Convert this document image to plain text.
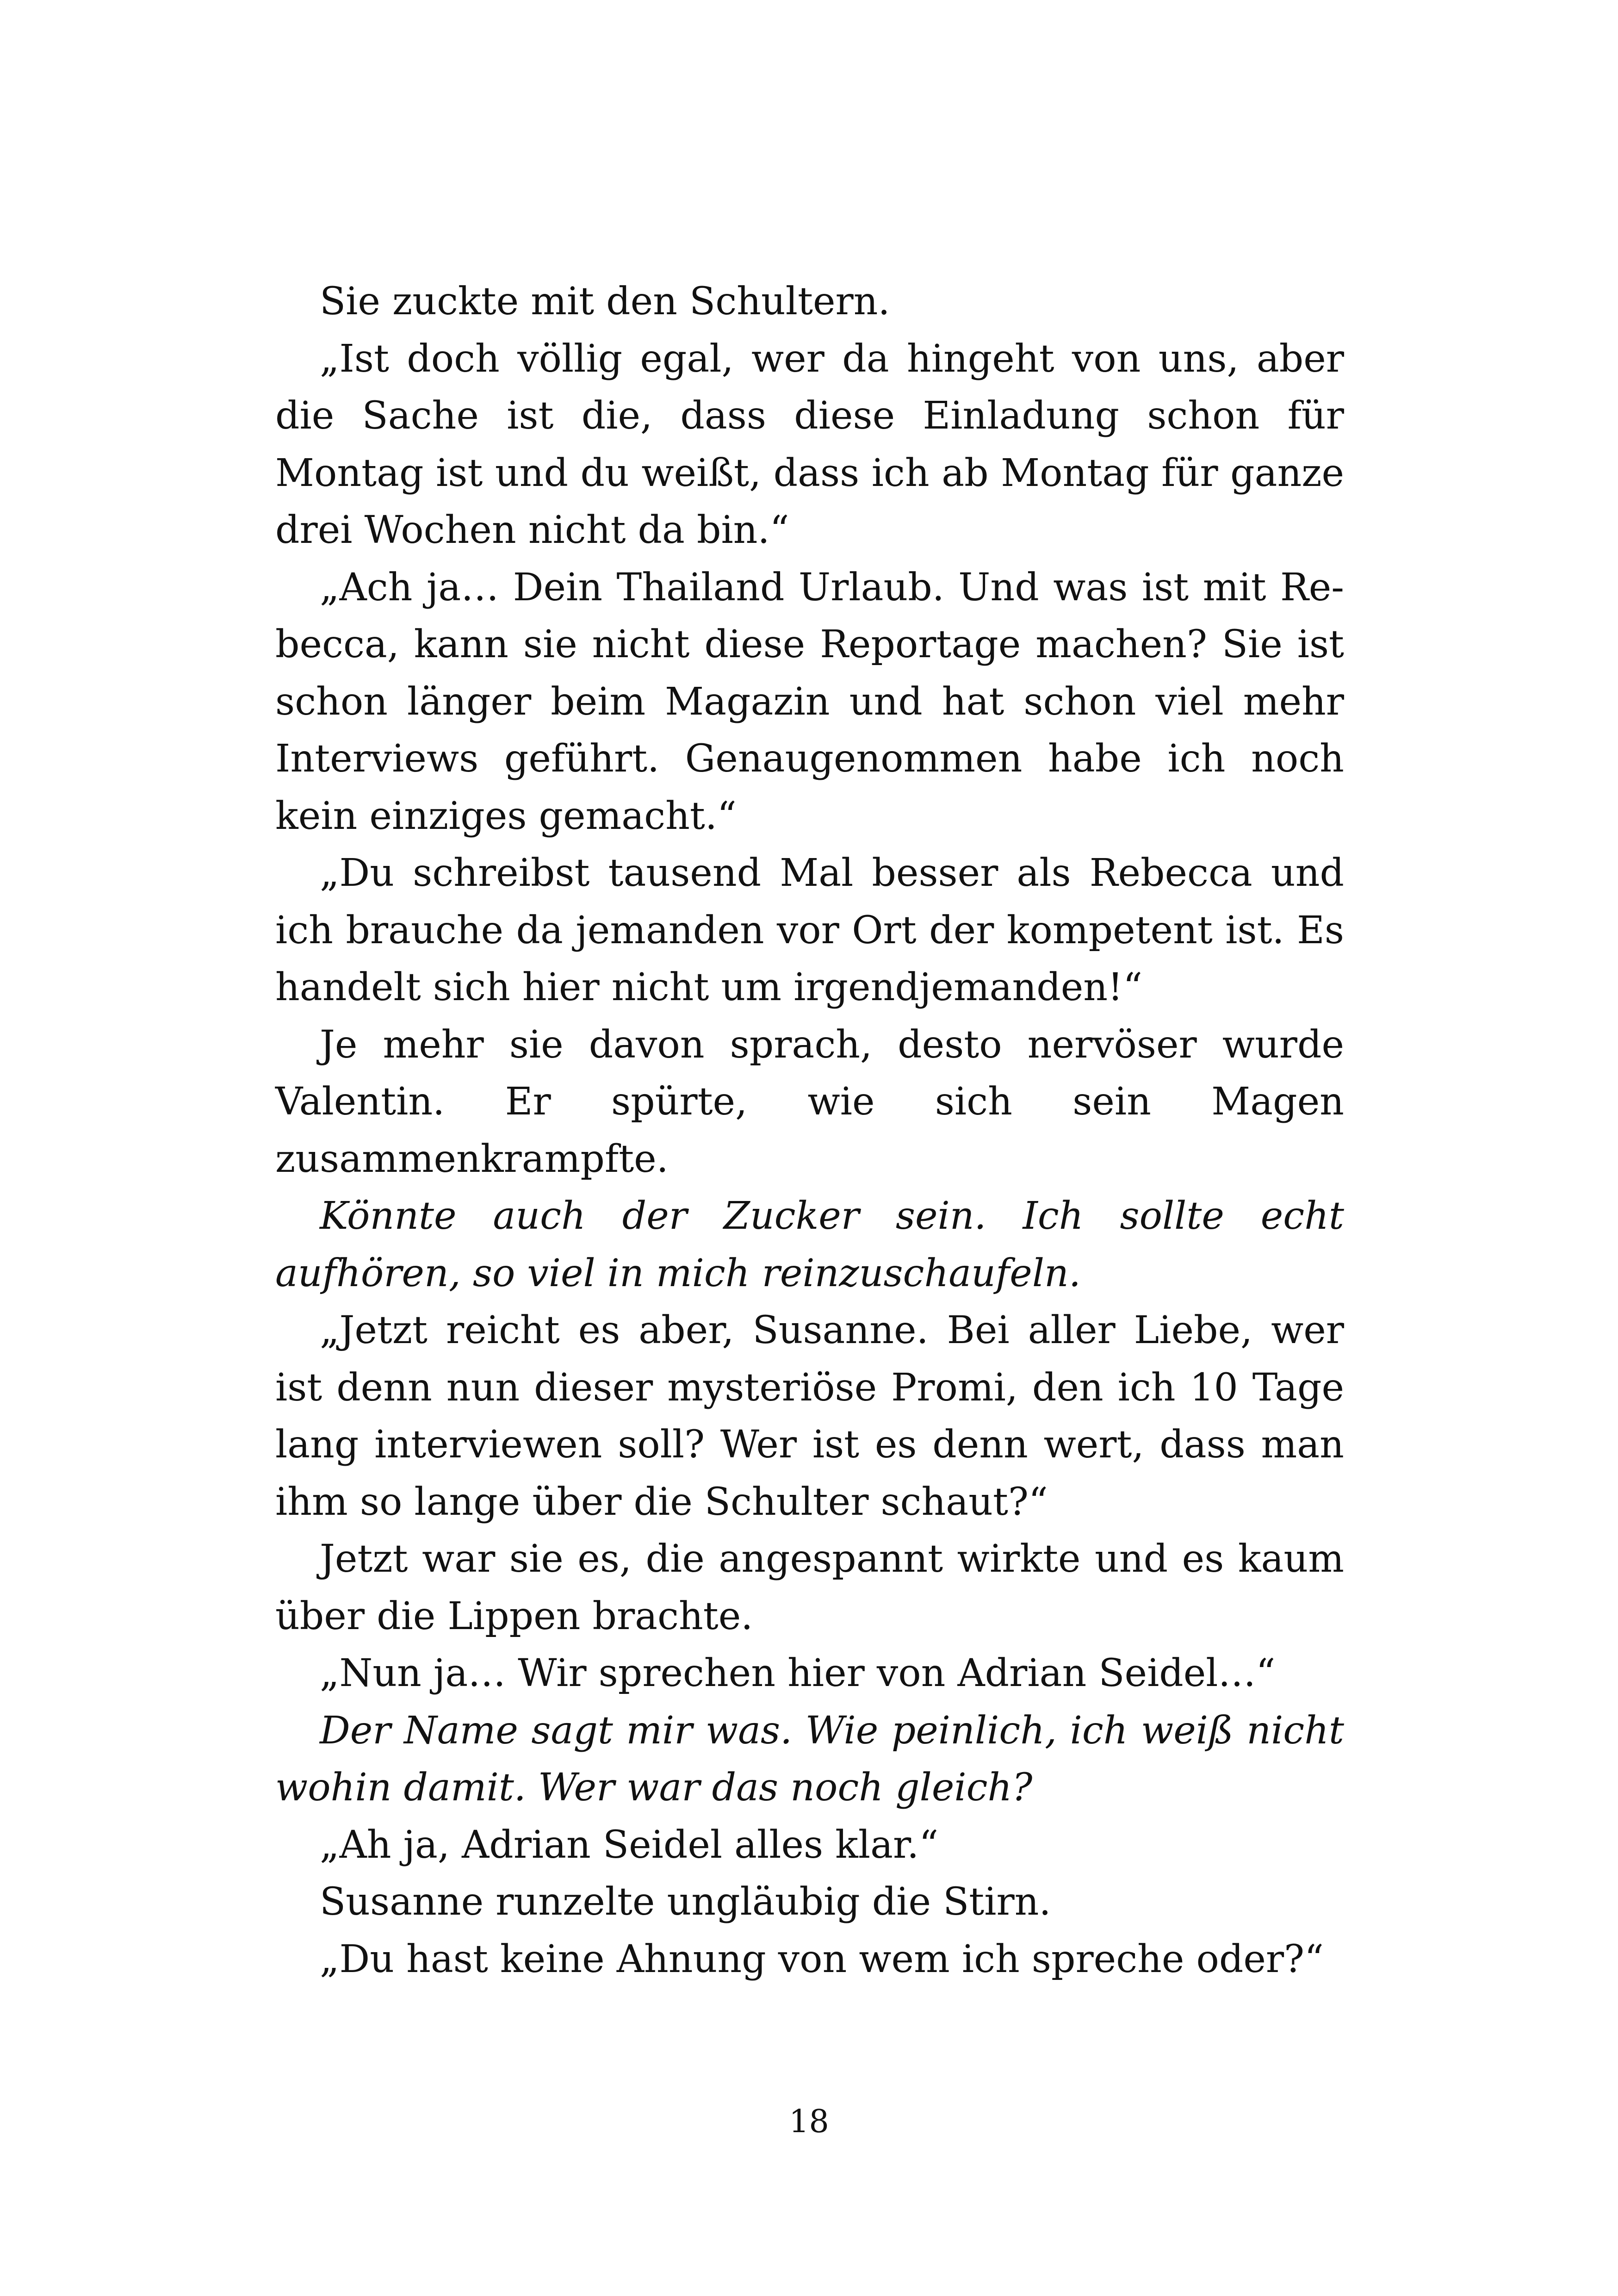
Sie zuckte mit den Schultern.

„Ist doch völlig egal, wer da hingeht von uns, aber die Sache ist die, dass diese Einladung schon für Montag ist und du weißt, dass ich ab Montag für ganze drei Wochen nicht da bin.“

„Ach ja… Dein Thailand Urlaub. Und was ist mit Rebecca, kann sie nicht diese Reportage machen? Sie ist schon länger beim Magazin und hat schon viel mehr Interviews geführt. Genaugenommen habe ich noch kein einziges gemacht.“

„Du schreibst tausend Mal besser als Rebecca und ich brauche da jemanden vor Ort der kompetent ist. Es handelt sich hier nicht um irgendjemanden!“

Je mehr sie davon sprach, desto nervöser wurde Valentin. Er spürte, wie sich sein Magen zusammenkrampfte.

Könnte auch der Zucker sein. Ich sollte echt aufhören, so viel in mich reinzuschaufeln.

„Jetzt reicht es aber, Susanne. Bei aller Liebe, wer ist denn nun dieser mysteriöse Promi, den ich 10 Tage lang interviewen soll? Wer ist es denn wert, dass man ihm so lange über die Schulter schaut?“

Jetzt war sie es, die angespannt wirkte und es kaum über die Lippen brachte.

„Nun ja… Wir sprechen hier von Adrian Seidel…“

Der Name sagt mir was. Wie peinlich, ich weiß nicht wohin damit. Wer war das noch gleich?

„Ah ja, Adrian Seidel alles klar.“

Susanne runzelte ungläubig die Stirn.

„Du hast keine Ahnung von wem ich spreche oder?“

18
